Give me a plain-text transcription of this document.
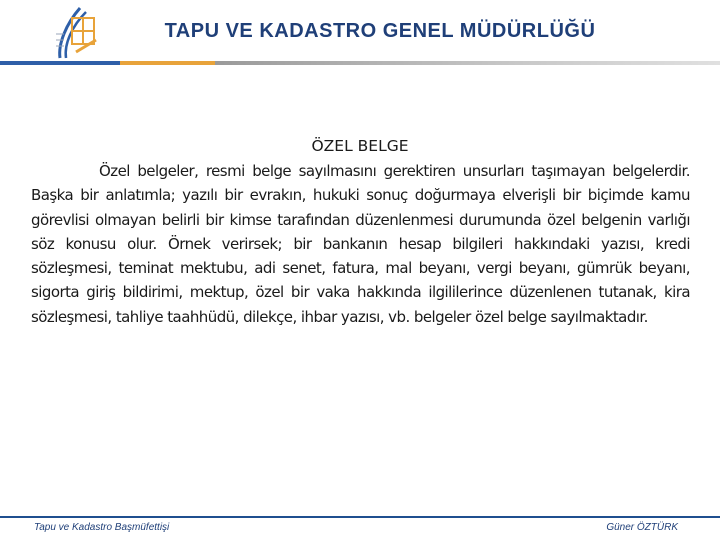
TAPU VE KADASTRO GENEL MÜDÜRLÜĞÜ
ÖZEL BELGE
Özel belgeler, resmi belge sayılmasını gerektiren unsurları taşımayan belgelerdir. Başka bir anlatımla; yazılı bir evrakın, hukuki sonuç doğurmaya elverişli bir biçimde kamu görevlisi olmayan belirli bir kimse tarafından düzenlenmesi durumunda özel belgenin varlığı söz konusu olur. Örnek verirsek; bir bankanın hesap bilgileri hakkındaki yazısı, kredi sözleşmesi, teminat mektubu, adi senet, fatura, mal beyanı, vergi beyanı, gümrük beyanı, sigorta giriş bildirimi, mektup, özel bir vaka hakkında ilgililerince düzenlenen tutanak, kira sözleşmesi, tahliye taahhüdü, dilekçe, ihbar yazısı, vb. belgeler özel belge sayılmaktadır.
Tapu ve Kadastro Başmüfettişi	Güner ÖZTÜRK
